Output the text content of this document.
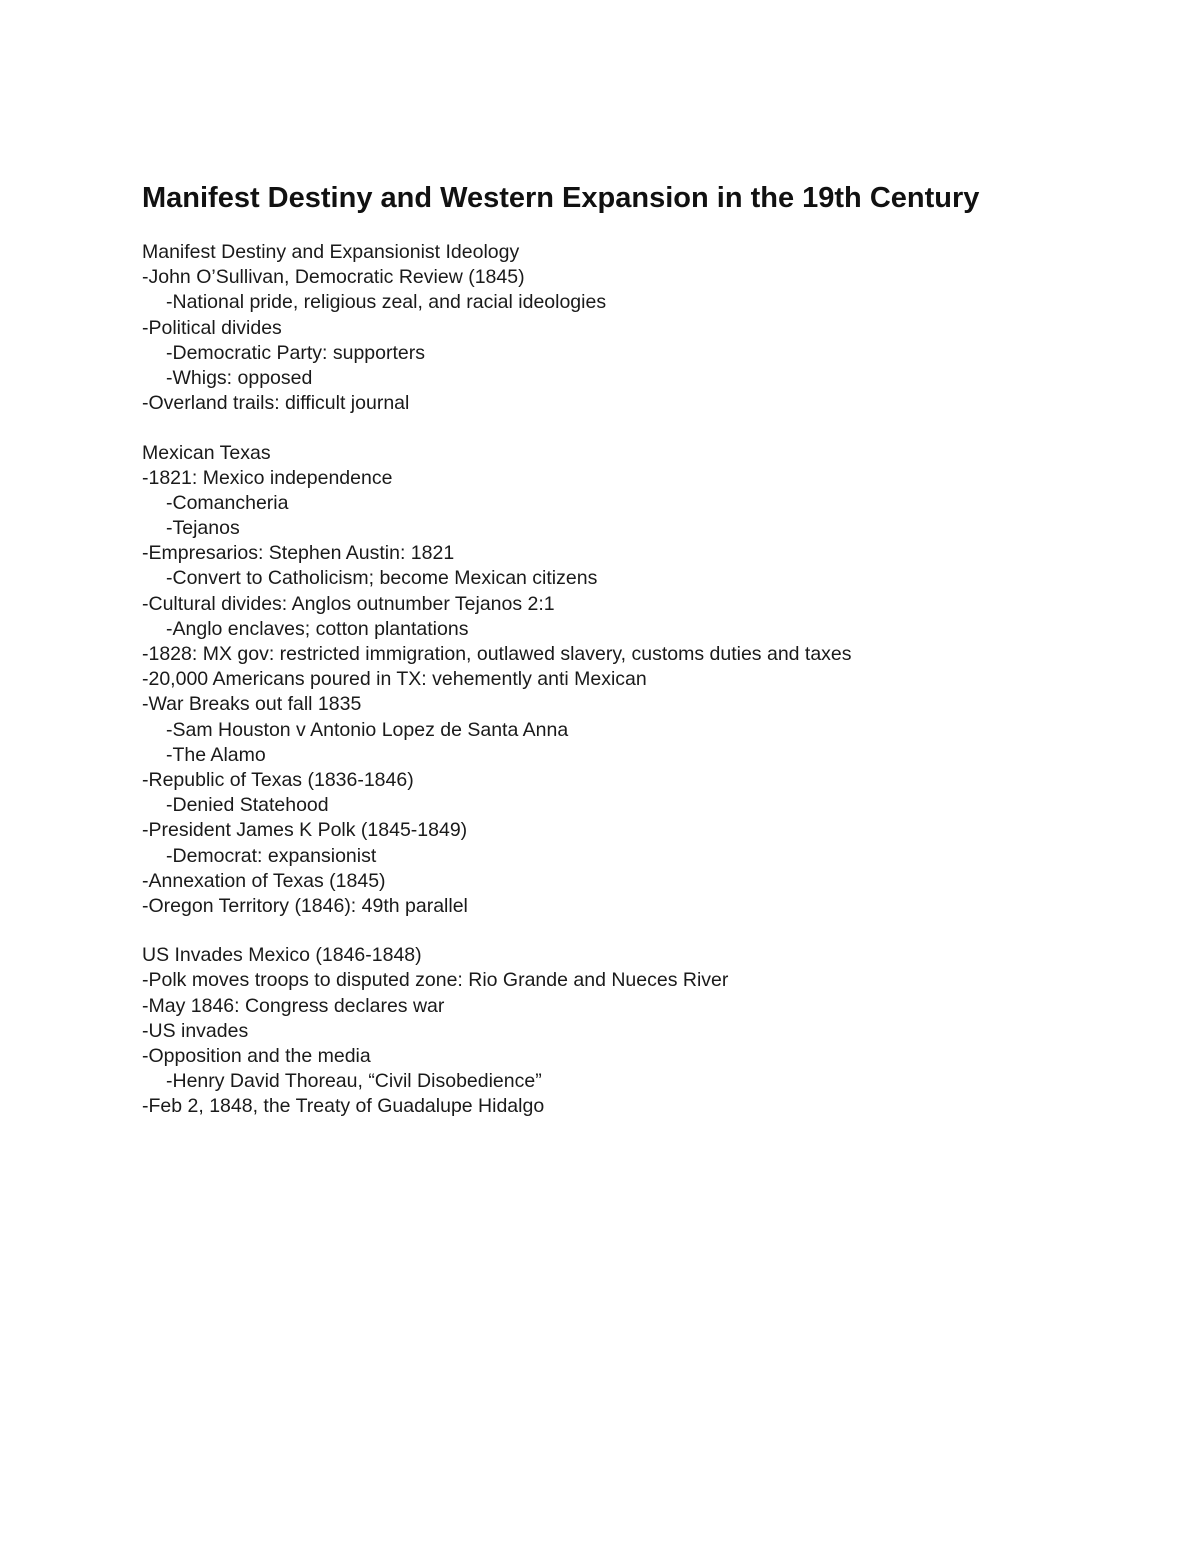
Manifest Destiny and Western Expansion in the 19th Century
Manifest Destiny and Expansionist Ideology
-John O’Sullivan, Democratic Review (1845)
-National pride, religious zeal, and racial ideologies
-Political divides
-Democratic Party: supporters
-Whigs: opposed
-Overland trails: difficult journal
Mexican Texas
-1821: Mexico independence
-Comancheria
-Tejanos
-Empresarios: Stephen Austin: 1821
-Convert to Catholicism; become Mexican citizens
-Cultural divides: Anglos outnumber Tejanos 2:1
-Anglo enclaves; cotton plantations
-1828: MX gov: restricted immigration, outlawed slavery, customs duties and taxes
-20,000 Americans poured in TX: vehemently anti Mexican
-War Breaks out fall 1835
-Sam Houston v Antonio Lopez de Santa Anna
-The Alamo
-Republic of Texas (1836-1846)
-Denied Statehood
-President James K Polk (1845-1849)
-Democrat: expansionist
-Annexation of Texas (1845)
-Oregon Territory (1846): 49th parallel
US Invades Mexico (1846-1848)
-Polk moves troops to disputed zone: Rio Grande and Nueces River
-May 1846: Congress declares war
-US invades
-Opposition and the media
-Henry David Thoreau, “Civil Disobedience”
-Feb 2, 1848, the Treaty of Guadalupe Hidalgo
